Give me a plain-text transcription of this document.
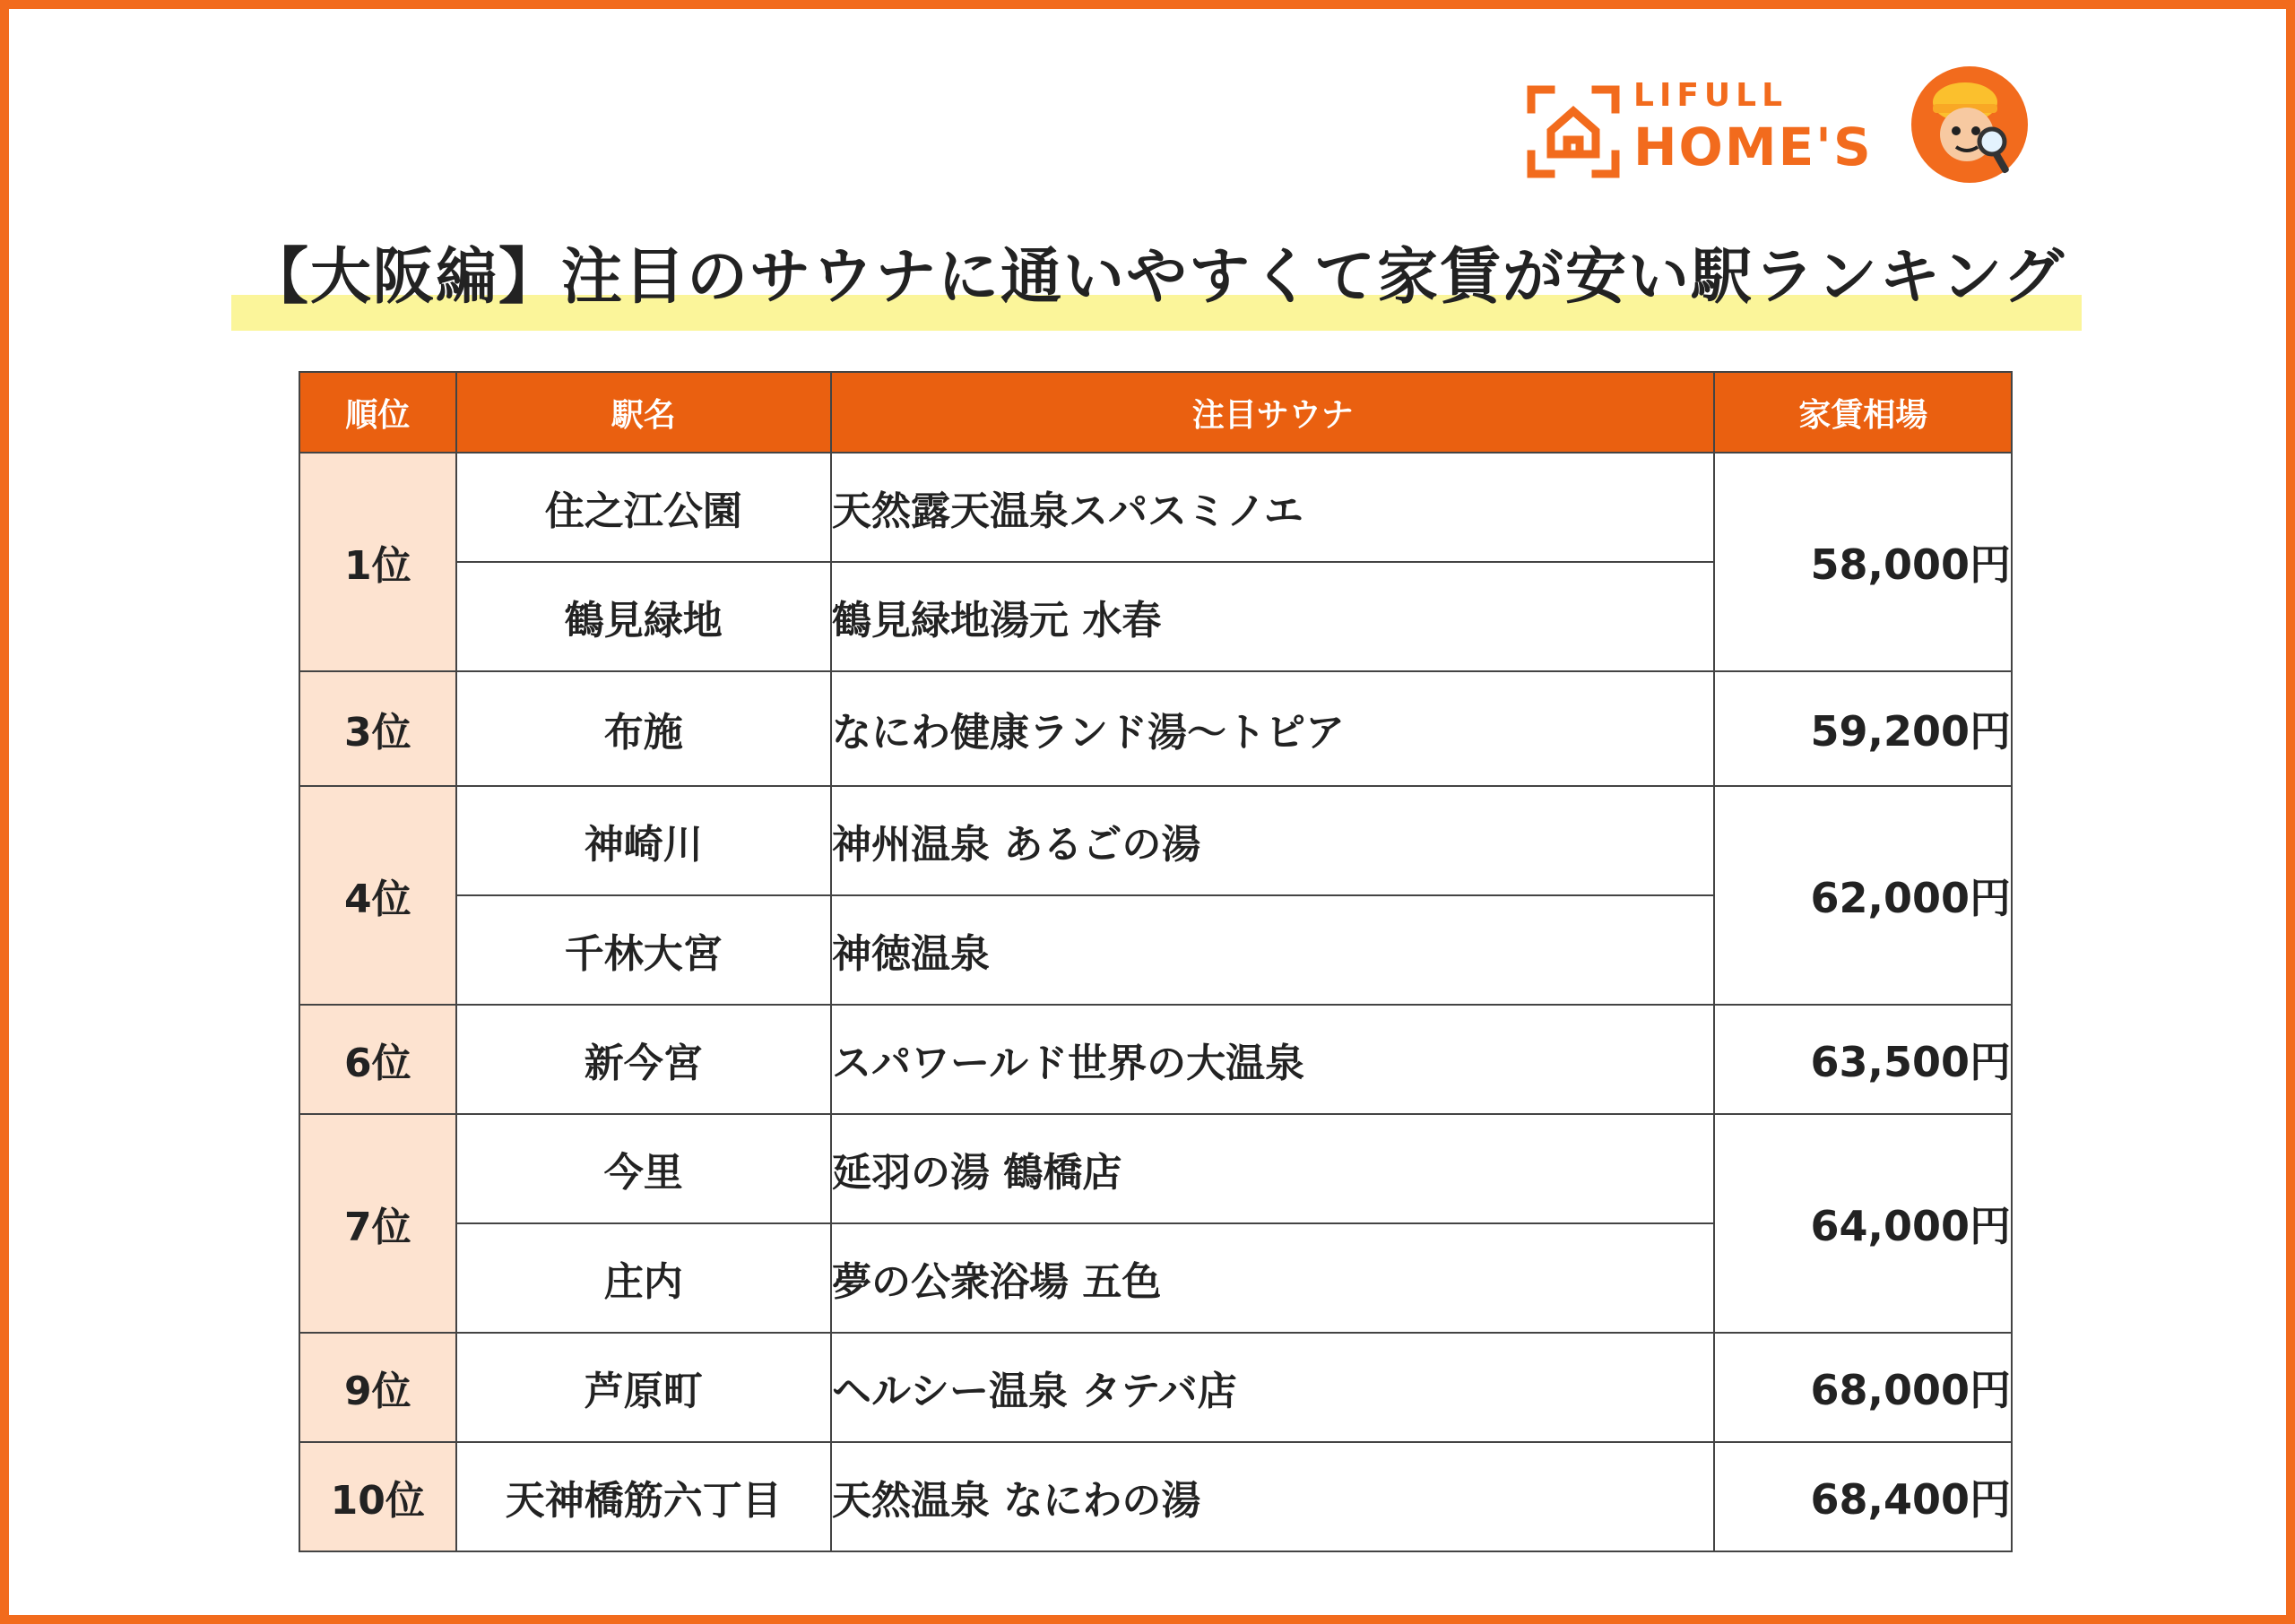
LIFULL
HOME'S
【大阪編】注目のサウナに通いやすくて家賃が安い駅ランキング
順位	駅名	注目サウナ	家賃相場
1位	住之江公園	天然露天温泉スパスミノエ	58,000円
	鶴見緑地	鶴見緑地湯元 水春	
3位	布施	なにわ健康ランド湯〜トピア	59,200円
4位	神崎川	神州温泉 あるごの湯	62,000円
	千林大宮	神徳温泉	
6位	新今宮	スパワールド世界の大温泉	63,500円
7位	今里	延羽の湯 鶴橋店	64,000円
	庄内	夢の公衆浴場 五色	
9位	芦原町	ヘルシー温泉 タテバ店	68,000円
10位	天神橋筋六丁目	天然温泉 なにわの湯	68,400円
